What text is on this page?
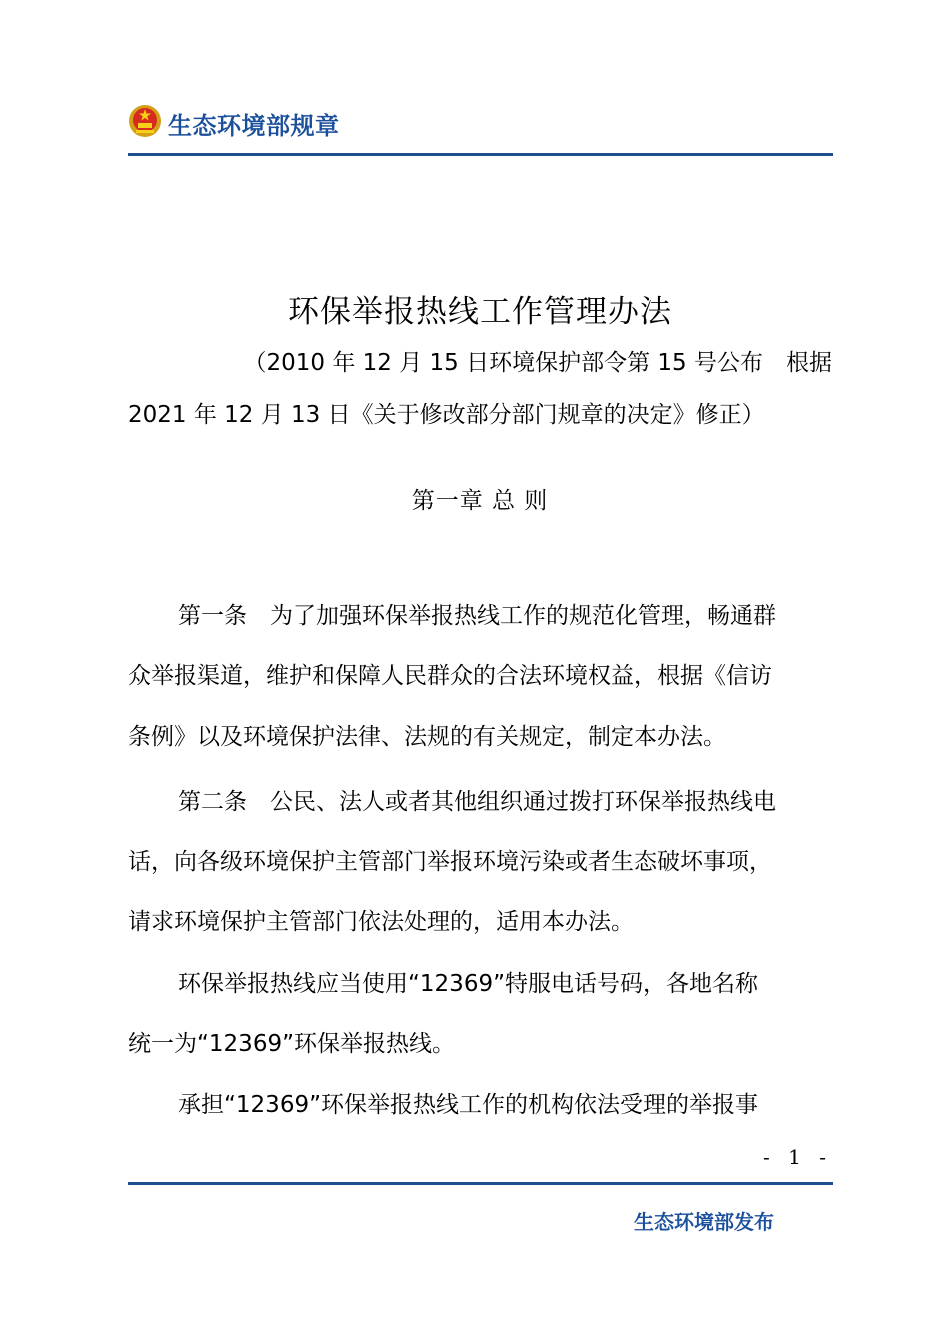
生态环境部规章
环保举报热线工作管理办法
（2010 年 12 月 15 日环境保护部令第 15 号公布　根据
2021 年 12 月 13 日《关于修改部分部门规章的决定》修正）
第一章 总 则
第一条　为了加强环保举报热线工作的规范化管理，畅通群
众举报渠道，维护和保障人民群众的合法环境权益，根据《信访
条例》以及环境保护法律、法规的有关规定，制定本办法。
第二条　公民、法人或者其他组织通过拨打环保举报热线电
话，向各级环境保护主管部门举报环境污染或者生态破坏事项，
请求环境保护主管部门依法处理的，适用本办法。
环保举报热线应当使用“12369”特服电话号码，各地名称
统一为“12369”环保举报热线。
承担“12369”环保举报热线工作的机构依法受理的举报事
- 1 -
生态环境部发布
